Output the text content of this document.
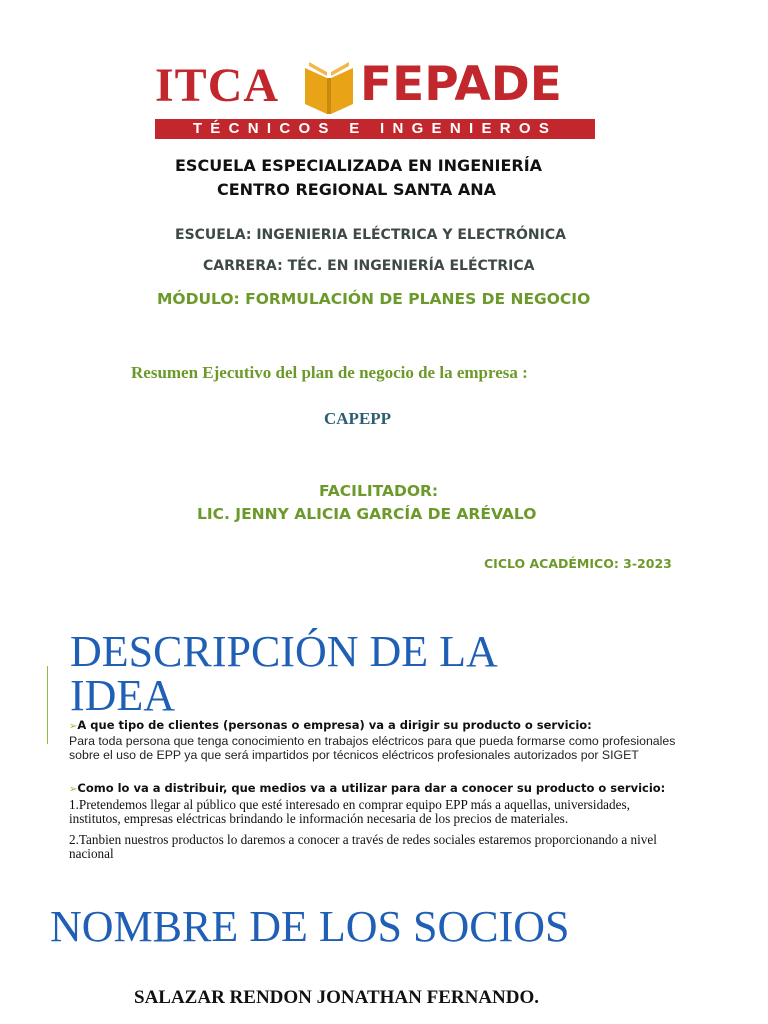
ITCA FEPADE
TÉCNICOS E INGENIEROS
ESCUELA ESPECIALIZADA EN INGENIERÍA
CENTRO REGIONAL SANTA ANA
ESCUELA: INGENIERIA ELÉCTRICA Y ELECTRÓNICA
CARRERA: TÉC. EN INGENIERÍA ELÉCTRICA
MÓDULO: FORMULACIÓN DE PLANES DE NEGOCIO
Resumen Ejecutivo del plan de negocio de la empresa :
CAPEPP
FACILITADOR:
LIC. JENNY ALICIA GARCÍA DE ARÉVALO
CICLO ACADÉMICO: 3-2023
DESCRIPCIÓN DE LA
IDEA
➢A que tipo de clientes (personas o empresa) va a dirigir su producto o servicio:
Para toda persona que tenga conocimiento en trabajos eléctricos para que pueda formarse como profesionales
sobre el uso de EPP ya que será impartidos por técnicos eléctricos profesionales autorizados por SIGET
➢Como lo va a distribuir, que medios va a utilizar para dar a conocer su producto o servicio:
1.Pretendemos llegar al público que esté interesado en comprar equipo EPP más a aquellas, universidades,
institutos, empresas eléctricas brindando le información necesaria de los precios de materiales.
2.Tanbien nuestros productos lo daremos a conocer a través de redes sociales estaremos proporcionando a nivel
nacional
NOMBRE DE LOS SOCIOS
SALAZAR RENDON JONATHAN FERNANDO.
